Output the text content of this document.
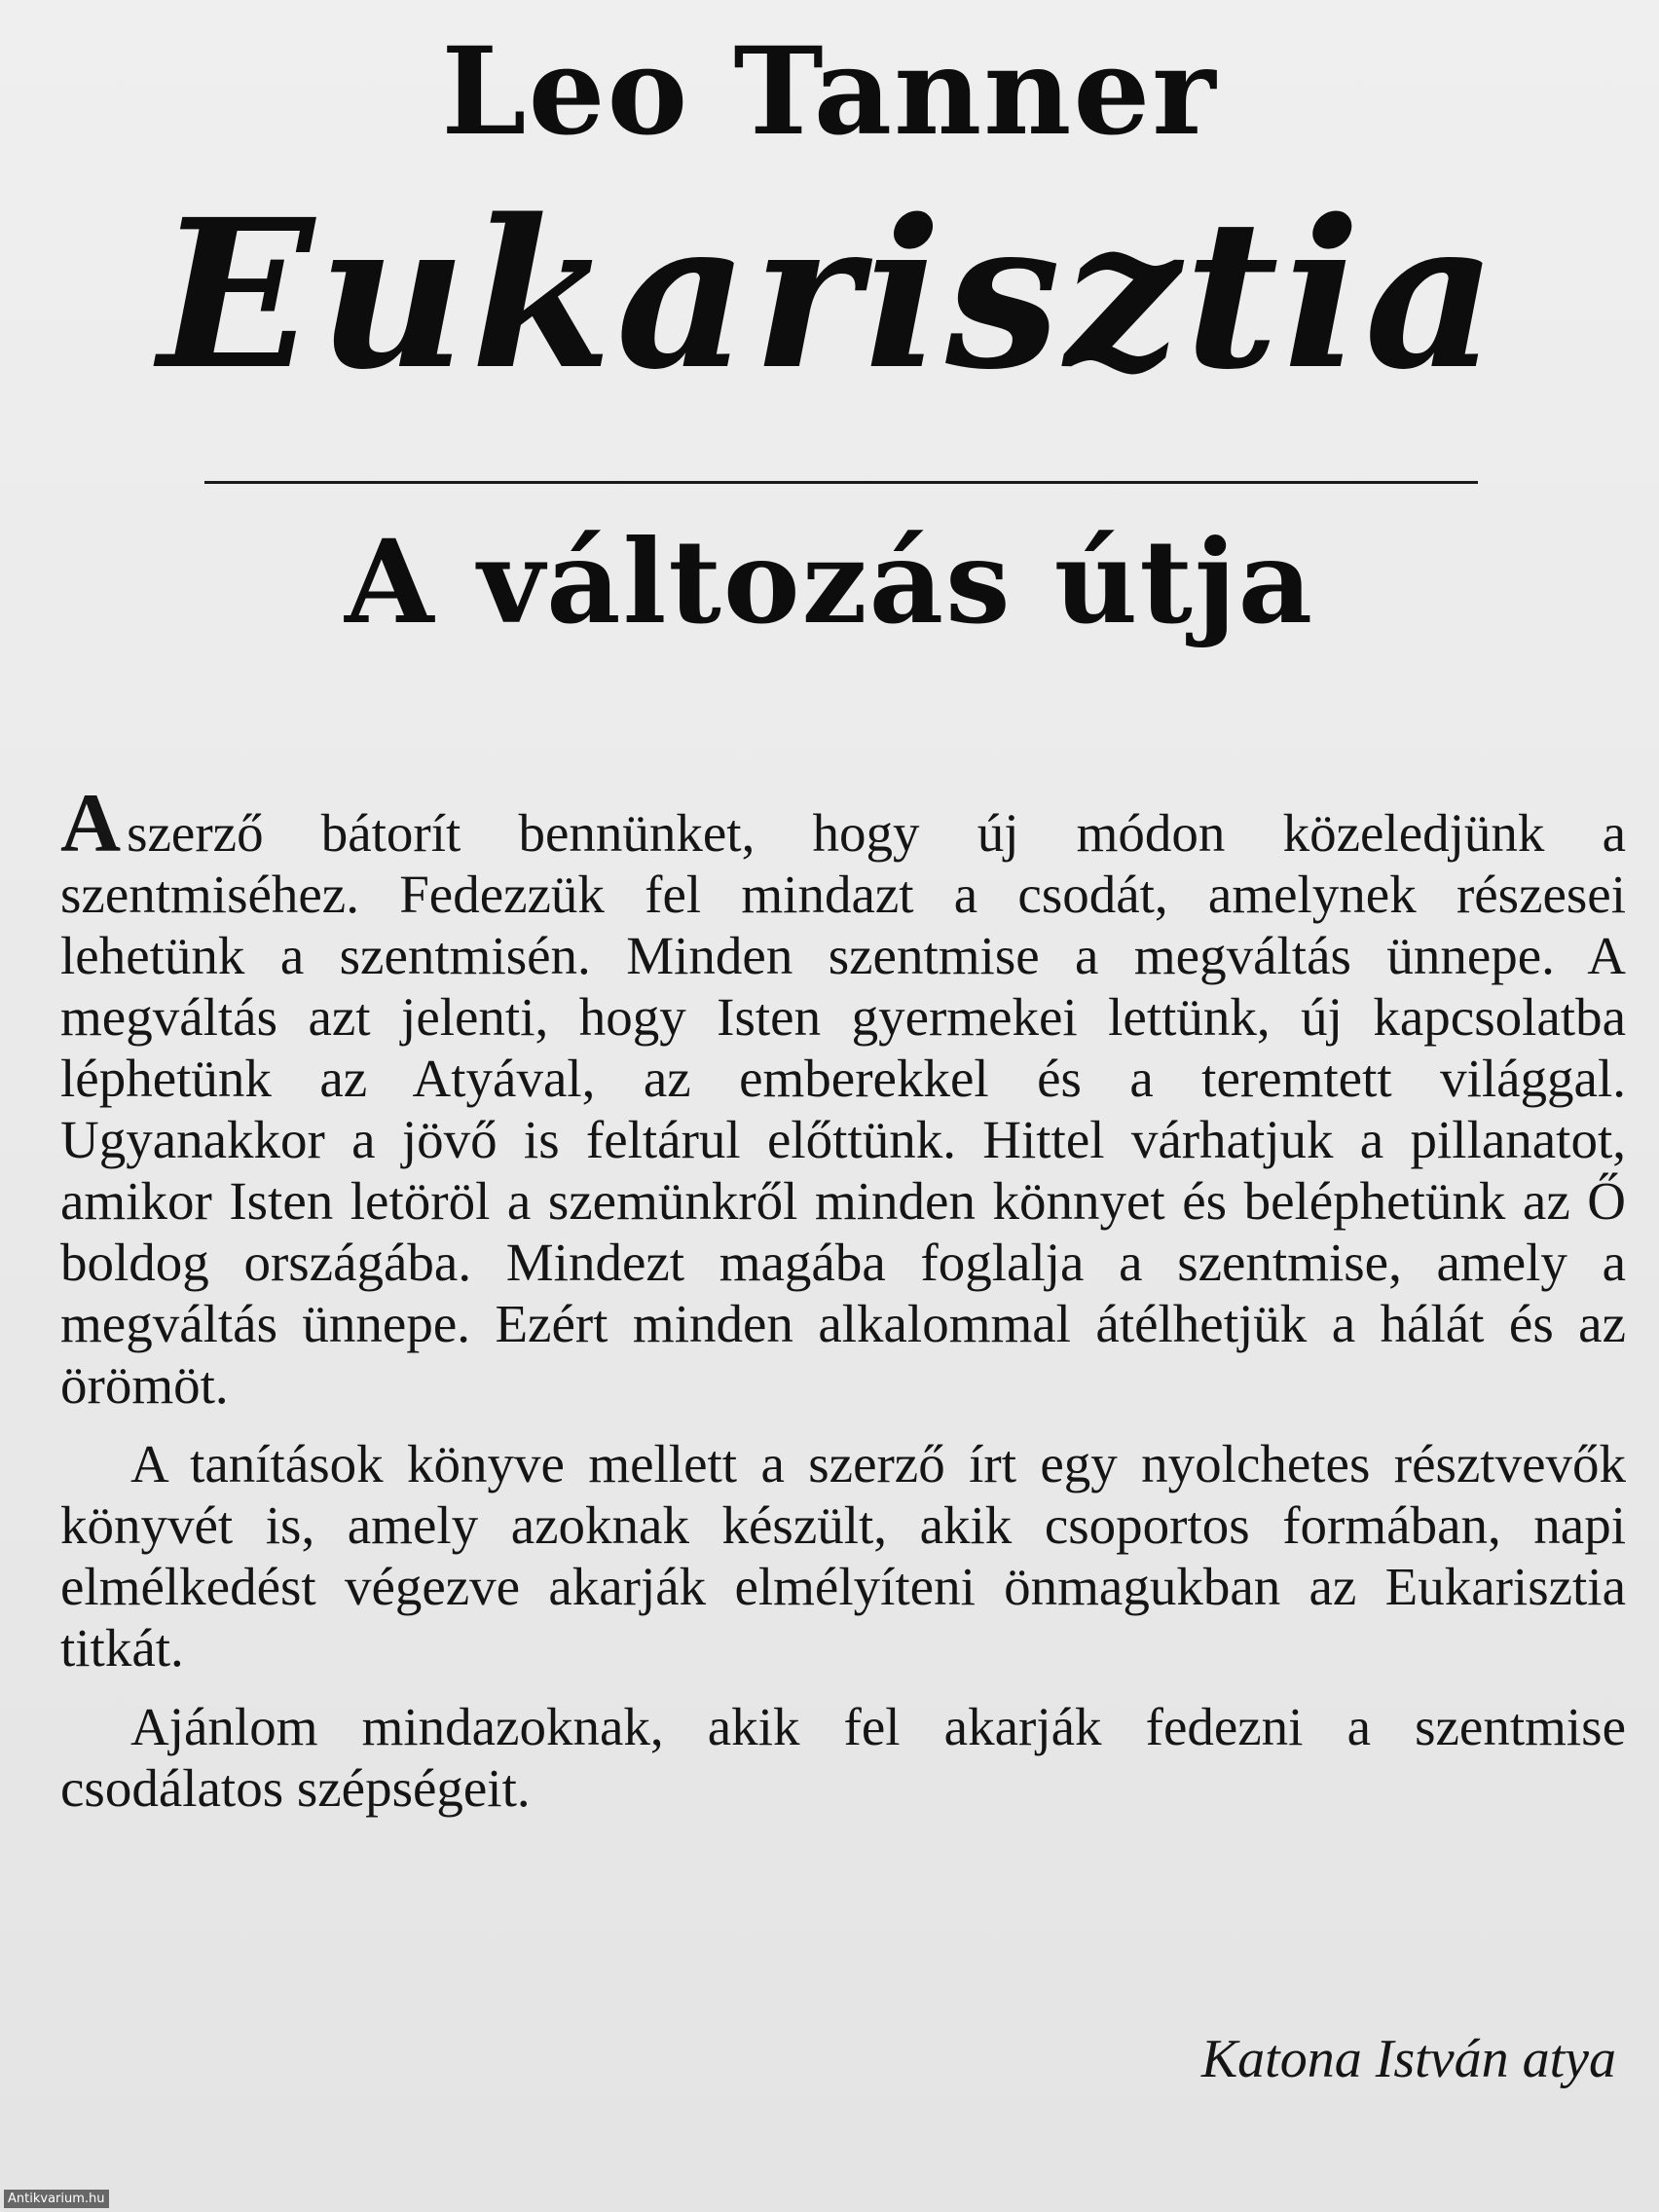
Leo Tanner
Eukarisztia
A változás útja

Aszerző bátorít bennünket, hogy új módon közeledjünk a szentmiséhez. Fedezzük fel mindazt a csodát, amelynek részesei lehetünk a szentmisén. Minden szentmise a megváltás ünnepe. A megváltás azt jelenti, hogy Isten gyermekei lettünk, új kapcsolatba léphetünk az Atyával, az emberekkel és a teremtett világgal. Ugyanakkor a jövő is feltárul előttünk. Hittel várhatjuk a pillanatot, amikor Isten letöröl a szemünkről minden könnyet és beléphetünk az Ő boldog országába. Mindezt magába foglalja a szentmise, amely a megváltás ünnepe. Ezért minden alkalommal átélhetjük a hálát és az örömöt.

A tanítások könyve mellett a szerző írt egy nyolchetes résztvevők könyvét is, amely azoknak készült, akik csoportos formában, napi elmélkedést végezve akarják elmélyíteni önmagukban az Eukarisztia titkát.

Ajánlom mindazoknak, akik fel akarják fedezni a szentmise csodálatos szépségeit.

Katona István atya
Antikvarium.hu
